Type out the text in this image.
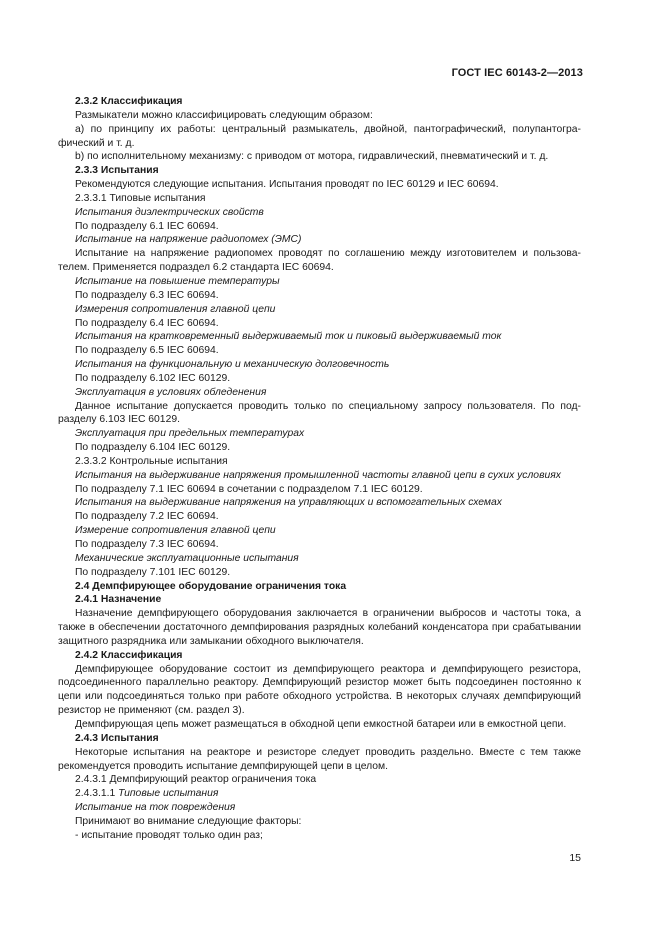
ГОСТ IEC 60143-2—2013

2.3.2 Классификация

Размыкатели можно классифицировать следующим образом:

а) по принципу их работы: центральный размыкатель, двойной, пантографический, полупантографический и т. д.

b) по исполнительному механизму: с приводом от мотора, гидравлический, пневматический и т. д.

2.3.3 Испытания

Рекомендуются следующие испытания. Испытания проводят по IEC 60129 и IEC 60694.

2.3.3.1 Типовые испытания

Испытания диэлектрических свойств

По подразделу 6.1 IEC 60694.

Испытание на напряжение радиопомех (ЭМС)

Испытание на напряжение радиопомех проводят по соглашению между изготовителем и пользователем. Применяется подраздел 6.2 стандарта IEC 60694.

Испытание на повышение температуры

По подразделу 6.3 IEC 60694.

Измерения сопротивления главной цепи

По подразделу 6.4 IEC 60694.

Испытания на кратковременный выдерживаемый ток и пиковый выдерживаемый ток

По подразделу 6.5 IEC 60694.

Испытания на функциональную и механическую долговечность

По подразделу 6.102 IEC 60129.

Эксплуатация в условиях обледенения

Данное испытание допускается проводить только по специальному запросу пользователя. По подразделу 6.103 IEC 60129.

Эксплуатация при предельных температурах

По подразделу 6.104 IEC 60129.

2.3.3.2 Контрольные испытания

Испытания на выдерживание напряжения промышленной частоты главной цепи в сухих условиях

По подразделу 7.1 IEC 60694 в сочетании с подразделом 7.1 IEC 60129.

Испытания на выдерживание напряжения на управляющих и вспомогательных схемах

По подразделу 7.2 IEC 60694.

Измерение сопротивления главной цепи

По подразделу 7.3 IEC 60694.

Механические эксплуатационные испытания

По подразделу 7.101 IEC 60129.

2.4 Демпфирующее оборудование ограничения тока

2.4.1 Назначение

Назначение демпфирующего оборудования заключается в ограничении выбросов и частоты тока, а также в обеспечении достаточного демпфирования разрядных колебаний конденсатора при срабатывании защитного разрядника или замыкании обходного выключателя.

2.4.2 Классификация

Демпфирующее оборудование состоит из демпфирующего реактора и демпфирующего резистора, подсоединенного параллельно реактору. Демпфирующий резистор может быть подсоединен постоянно к цепи или подсоединяться только при работе обходного устройства. В некоторых случаях демпфирующий резистор не применяют (см. раздел 3).

Демпфирующая цепь может размещаться в обходной цепи емкостной батареи или в емкостной цепи.

2.4.3 Испытания

Некоторые испытания на реакторе и резисторе следует проводить раздельно. Вместе с тем также рекомендуется проводить испытание демпфирующей цепи в целом.

2.4.3.1 Демпфирующий реактор ограничения тока

2.4.3.1.1 Типовые испытания

Испытание на ток повреждения

Принимают во внимание следующие факторы:

- испытание проводят только один раз;

15
